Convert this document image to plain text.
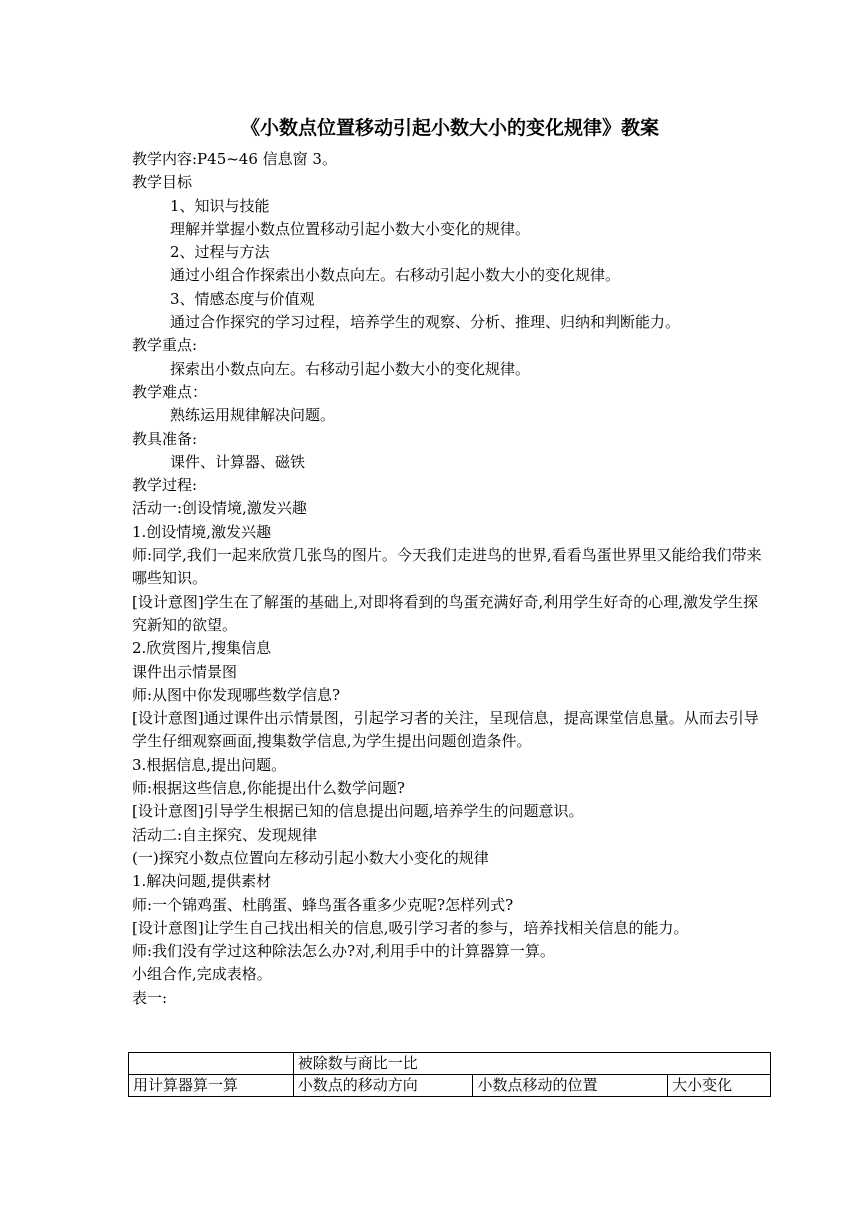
《小数点位置移动引起小数大小的变化规律》教案

教学内容:P45~46 信息窗 3。

教学目标

1、知识与技能

理解并掌握小数点位置移动引起小数大小变化的规律。

2、过程与方法

通过小组合作探索出小数点向左。右移动引起小数大小的变化规律。

3、情感态度与价值观

通过合作探究的学习过程，培养学生的观察、分析、推理、归纳和判断能力。

教学重点:

探索出小数点向左。右移动引起小数大小的变化规律。

教学难点：

熟练运用规律解决问题。

教具准备:

课件、计算器、磁铁

教学过程:

活动一:创设情境,激发兴趣

1.创设情境,激发兴趣

师:同学,我们一起来欣赏几张鸟的图片。今天我们走进鸟的世界,看看鸟蛋世界里又能给我们带来哪些知识。

[设计意图]学生在了解蛋的基础上,对即将看到的鸟蛋充满好奇,利用学生好奇的心理,激发学生探究新知的欲望。

2.欣赏图片,搜集信息

课件出示情景图

师:从图中你发现哪些数学信息?

[设计意图]通过课件出示情景图，引起学习者的关注，呈现信息，提高课堂信息量。从而去引导学生仔细观察画面,搜集数学信息,为学生提出问题创造条件。

3.根据信息,提出问题。

师:根据这些信息,你能提出什么数学问题?

[设计意图]引导学生根据已知的信息提出问题,培养学生的问题意识。

活动二:自主探究、发现规律

(一)探究小数点位置向左移动引起小数大小变化的规律

1.解决问题,提供素材

师:一个锦鸡蛋、杜鹃蛋、蜂鸟蛋各重多少克呢?怎样列式?

[设计意图]让学生自己找出相关的信息,吸引学习者的参与，培养找相关信息的能力。

师:我们没有学过这种除法怎么办?对,利用手中的计算器算一算。

小组合作,完成表格。

表一:

	被除数与商比一比		
用计算器算一算	小数点的移动方向	小数点移动的位置	大小变化
